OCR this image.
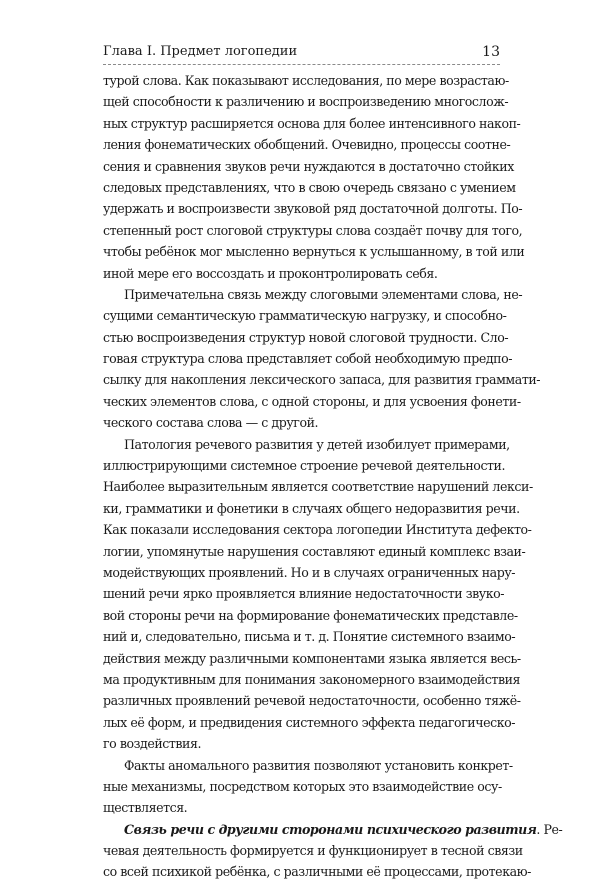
Глава I. Предмет логопедии	13
турой слова. Как показывают исследования, по мере возрастаю-
щей способности к различению и воспроизведению многослож-
ных структур расширяется основа для более интенсивного накоп-
ления фонематических обобщений. Очевидно, процессы соотне-
сения и сравнения звуков речи нуждаются в достаточно стойких
следовых представлениях, что в свою очередь связано с умением
удержать и воспроизвести звуковой ряд достаточной долготы. По-
степенный рост слоговой структуры слова создаёт почву для того,
чтобы ребёнок мог мысленно вернуться к услышанному, в той или
иной мере его воссоздать и проконтролировать себя.
Примечательна связь между слоговыми элементами слова, не-
сущими семантическую грамматическую нагрузку, и способно-
стью воспроизведения структур новой слоговой трудности. Сло-
говая структура слова представляет собой необходимую предпо-
сылку для накопления лексического запаса, для развития граммати-
ческих элементов слова, с одной стороны, и для усвоения фонети-
ческого состава слова — с другой.
Патология речевого развития у детей изобилует примерами,
иллюстрирующими системное строение речевой деятельности.
Наиболее выразительным является соответствие нарушений лекси-
ки, грамматики и фонетики в случаях общего недоразвития речи.
Как показали исследования сектора логопедии Института дефекто-
логии, упомянутые нарушения составляют единый комплекс взаи-
модействующих проявлений. Но и в случаях ограниченных нару-
шений речи ярко проявляется влияние недостаточности звуко-
вой стороны речи на формирование фонематических представле-
ний и, следовательно, письма и т. д. Понятие системного взаимо-
действия между различными компонентами языка является весь-
ма продуктивным для понимания закономерного взаимодействия
различных проявлений речевой недостаточности, особенно тяжё-
лых её форм, и предвидения системного эффекта педагогическо-
го воздействия.
Факты аномального развития позволяют установить конкрет-
ные механизмы, посредством которых это взаимодействие осу-
ществляется.
Связь речи с другими сторонами психического развития. Ре-
чевая деятельность формируется и функционирует в тесной связи
со всей психикой ребёнка, с различными её процессами, протекаю-
